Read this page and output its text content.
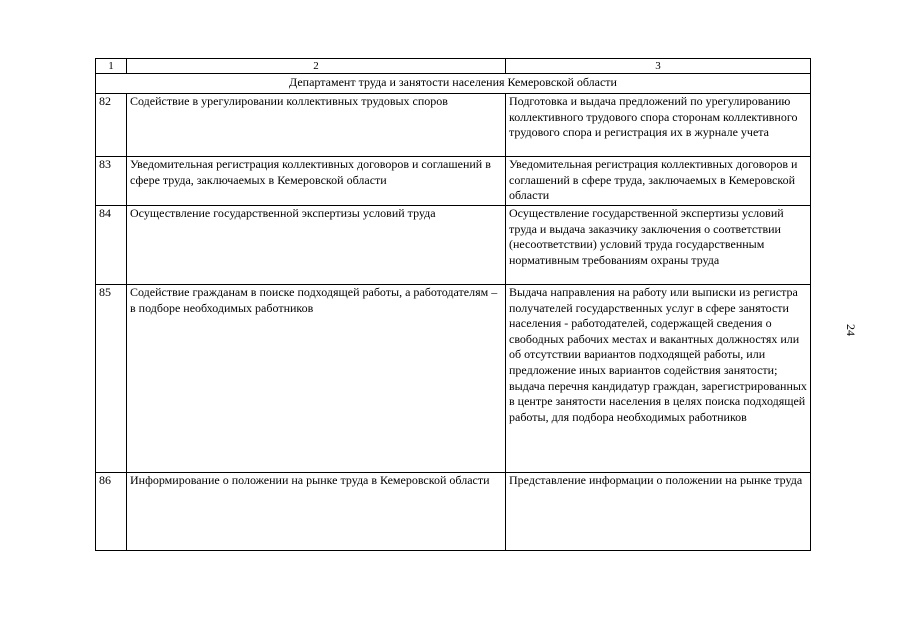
1	2	3
Департамент труда и занятости населения Кемеровской области		
82	Содействие в урегулировании коллективных трудовых споров	Подготовка и выдача предложений по урегулированию коллективного трудового спора сторонам коллективного трудового спора и регистрация их в журнале учета
83	Уведомительная регистрация коллективных договоров и соглашений в сфере труда, заключаемых в Кемеровской области	Уведомительная регистрация коллективных договоров и соглашений в сфере труда, заключаемых в Кемеровской области
84	Осуществление государственной экспертизы условий труда	Осуществление государственной экспертизы условий труда и выдача заказчику заключения о соответствии (несоответствии) условий труда государственным нормативным требованиям охраны труда
85	Содействие гражданам в поиске подходящей работы, а работодателям – в подборе необходимых работников	Выдача направления на работу или выписки из регистра получателей государственных услуг в сфере занятости населения - работодателей, содержащей сведения о свободных рабочих местах и вакантных должностях или об отсутствии вариантов подходящей работы, или предложение иных вариантов содействия занятости; выдача перечня кандидатур граждан, зарегистрированных в центре занятости населения в целях поиска подходящей работы, для подбора необходимых работников
86	Информирование о положении на рынке труда в Кемеровской области	Представление информации о положении на рынке труда
24
